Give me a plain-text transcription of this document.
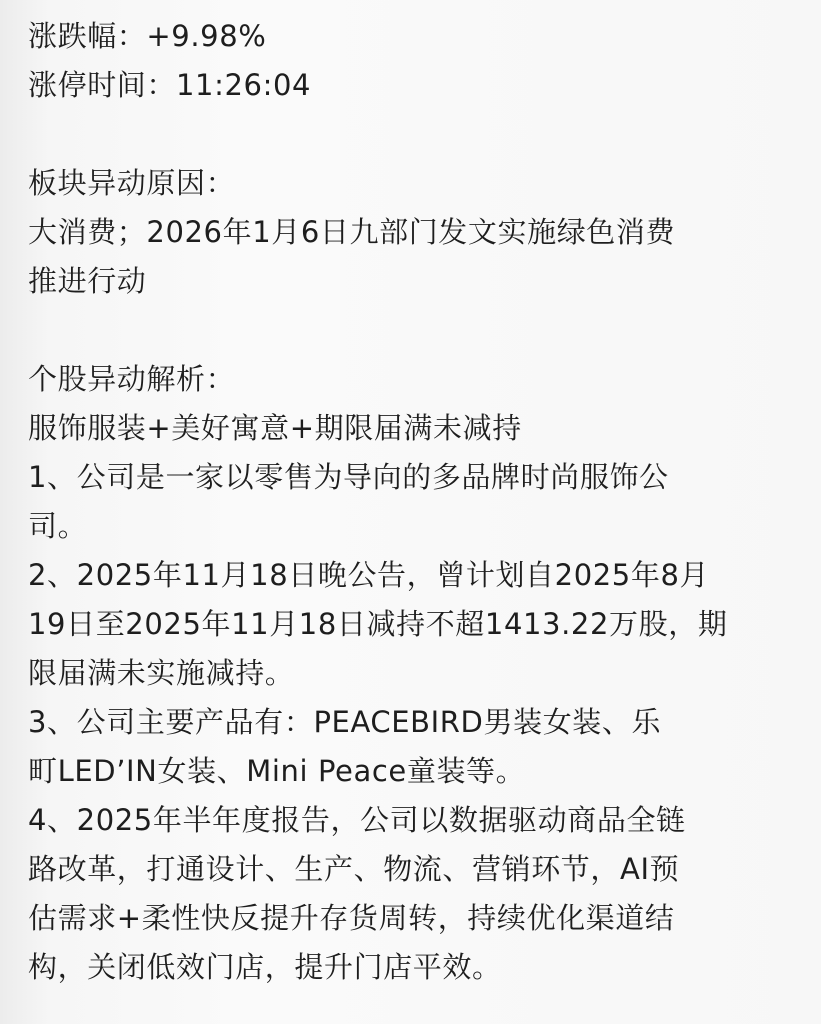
涨跌幅：+9.98%
涨停时间：11:26:04
板块异动原因：
大消费；2026年1月6日九部门发文实施绿色消费
推进行动
个股异动解析：
服饰服装+美好寓意+期限届满未减持
1、公司是一家以零售为导向的多品牌时尚服饰公
司。
2、2025年11月18日晚公告，曾计划自2025年8月
19日至2025年11月18日减持不超1413.22万股，期
限届满未实施减持。
3、公司主要产品有：PEACEBIRD男装女装、乐
町LED’IN女装、Mini Peace童装等。
4、2025年半年度报告，公司以数据驱动商品全链
路改革，打通设计、生产、物流、营销环节，AI预
估需求+柔性快反提升存货周转，持续优化渠道结
构，关闭低效门店，提升门店平效。
